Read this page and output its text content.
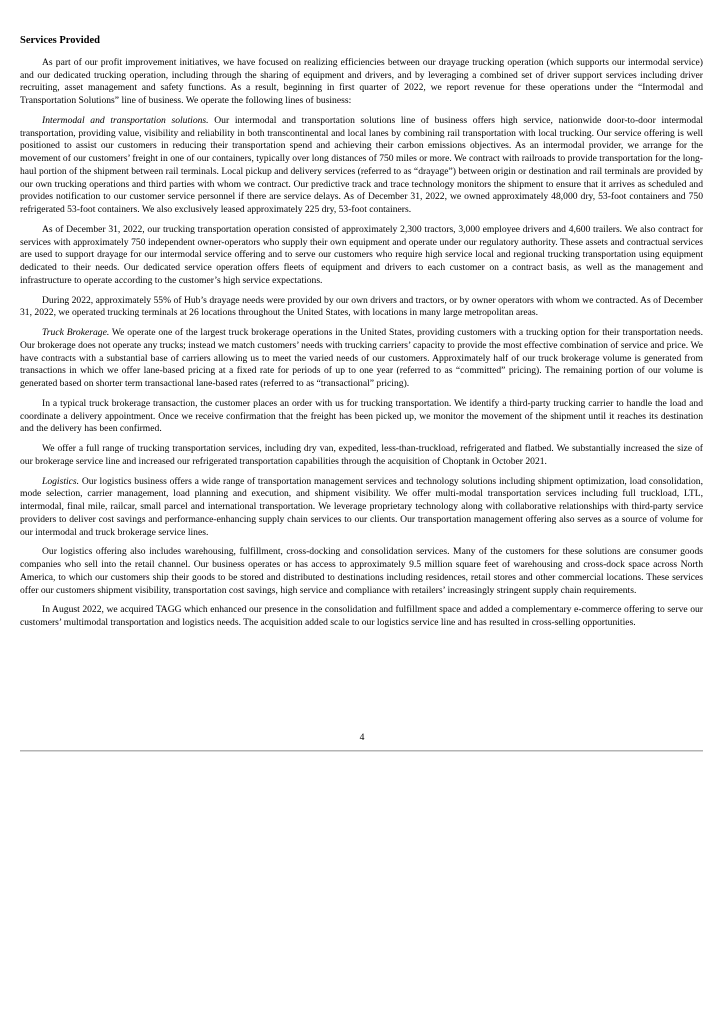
Services Provided

As part of our profit improvement initiatives, we have focused on realizing efficiencies between our drayage trucking operation (which supports our intermodal service) and our dedicated trucking operation, including through the sharing of equipment and drivers, and by leveraging a combined set of driver support services including driver recruiting, asset management and safety functions. As a result, beginning in first quarter of 2022, we report revenue for these operations under the “Intermodal and Transportation Solutions” line of business. We operate the following lines of business:

Intermodal and transportation solutions. Our intermodal and transportation solutions line of business offers high service, nationwide door-to-door intermodal transportation, providing value, visibility and reliability in both transcontinental and local lanes by combining rail transportation with local trucking. Our service offering is well positioned to assist our customers in reducing their transportation spend and achieving their carbon emissions objectives. As an intermodal provider, we arrange for the movement of our customers’ freight in one of our containers, typically over long distances of 750 miles or more. We contract with railroads to provide transportation for the long-haul portion of the shipment between rail terminals. Local pickup and delivery services (referred to as “drayage”) between origin or destination and rail terminals are provided by our own trucking operations and third parties with whom we contract. Our predictive track and trace technology monitors the shipment to ensure that it arrives as scheduled and provides notification to our customer service personnel if there are service delays. As of December 31, 2022, we owned approximately 48,000 dry, 53-foot containers and 750 refrigerated 53-foot containers. We also exclusively leased approximately 225 dry, 53-foot containers.

As of December 31, 2022, our trucking transportation operation consisted of approximately 2,300 tractors, 3,000 employee drivers and 4,600 trailers. We also contract for services with approximately 750 independent owner-operators who supply their own equipment and operate under our regulatory authority. These assets and contractual services are used to support drayage for our intermodal service offering and to serve our customers who require high service local and regional trucking transportation using equipment dedicated to their needs. Our dedicated service operation offers fleets of equipment and drivers to each customer on a contract basis, as well as the management and infrastructure to operate according to the customer’s high service expectations.

During 2022, approximately 55% of Hub’s drayage needs were provided by our own drivers and tractors, or by owner operators with whom we contracted. As of December 31, 2022, we operated trucking terminals at 26 locations throughout the United States, with locations in many large metropolitan areas.

Truck Brokerage. We operate one of the largest truck brokerage operations in the United States, providing customers with a trucking option for their transportation needs. Our brokerage does not operate any trucks; instead we match customers’ needs with trucking carriers’ capacity to provide the most effective combination of service and price. We have contracts with a substantial base of carriers allowing us to meet the varied needs of our customers. Approximately half of our truck brokerage volume is generated from transactions in which we offer lane-based pricing at a fixed rate for periods of up to one year (referred to as “committed” pricing). The remaining portion of our volume is generated based on shorter term transactional lane-based rates (referred to as “transactional” pricing).

In a typical truck brokerage transaction, the customer places an order with us for trucking transportation. We identify a third-party trucking carrier to handle the load and coordinate a delivery appointment. Once we receive confirmation that the freight has been picked up, we monitor the movement of the shipment until it reaches its destination and the delivery has been confirmed.

We offer a full range of trucking transportation services, including dry van, expedited, less-than-truckload, refrigerated and flatbed. We substantially increased the size of our brokerage service line and increased our refrigerated transportation capabilities through the acquisition of Choptank in October 2021.

Logistics. Our logistics business offers a wide range of transportation management services and technology solutions including shipment optimization, load consolidation, mode selection, carrier management, load planning and execution, and shipment visibility. We offer multi-modal transportation services including full truckload, LTL, intermodal, final mile, railcar, small parcel and international transportation. We leverage proprietary technology along with collaborative relationships with third-party service providers to deliver cost savings and performance-enhancing supply chain services to our clients. Our transportation management offering also serves as a source of volume for our intermodal and truck brokerage service lines.

Our logistics offering also includes warehousing, fulfillment, cross-docking and consolidation services. Many of the customers for these solutions are consumer goods companies who sell into the retail channel. Our business operates or has access to approximately 9.5 million square feet of warehousing and cross-dock space across North America, to which our customers ship their goods to be stored and distributed to destinations including residences, retail stores and other commercial locations. These services offer our customers shipment visibility, transportation cost savings, high service and compliance with retailers’ increasingly stringent supply chain requirements.

In August 2022, we acquired TAGG which enhanced our presence in the consolidation and fulfillment space and added a complementary e-commerce offering to serve our customers’ multimodal transportation and logistics needs. The acquisition added scale to our logistics service line and has resulted in cross-selling opportunities.

4
